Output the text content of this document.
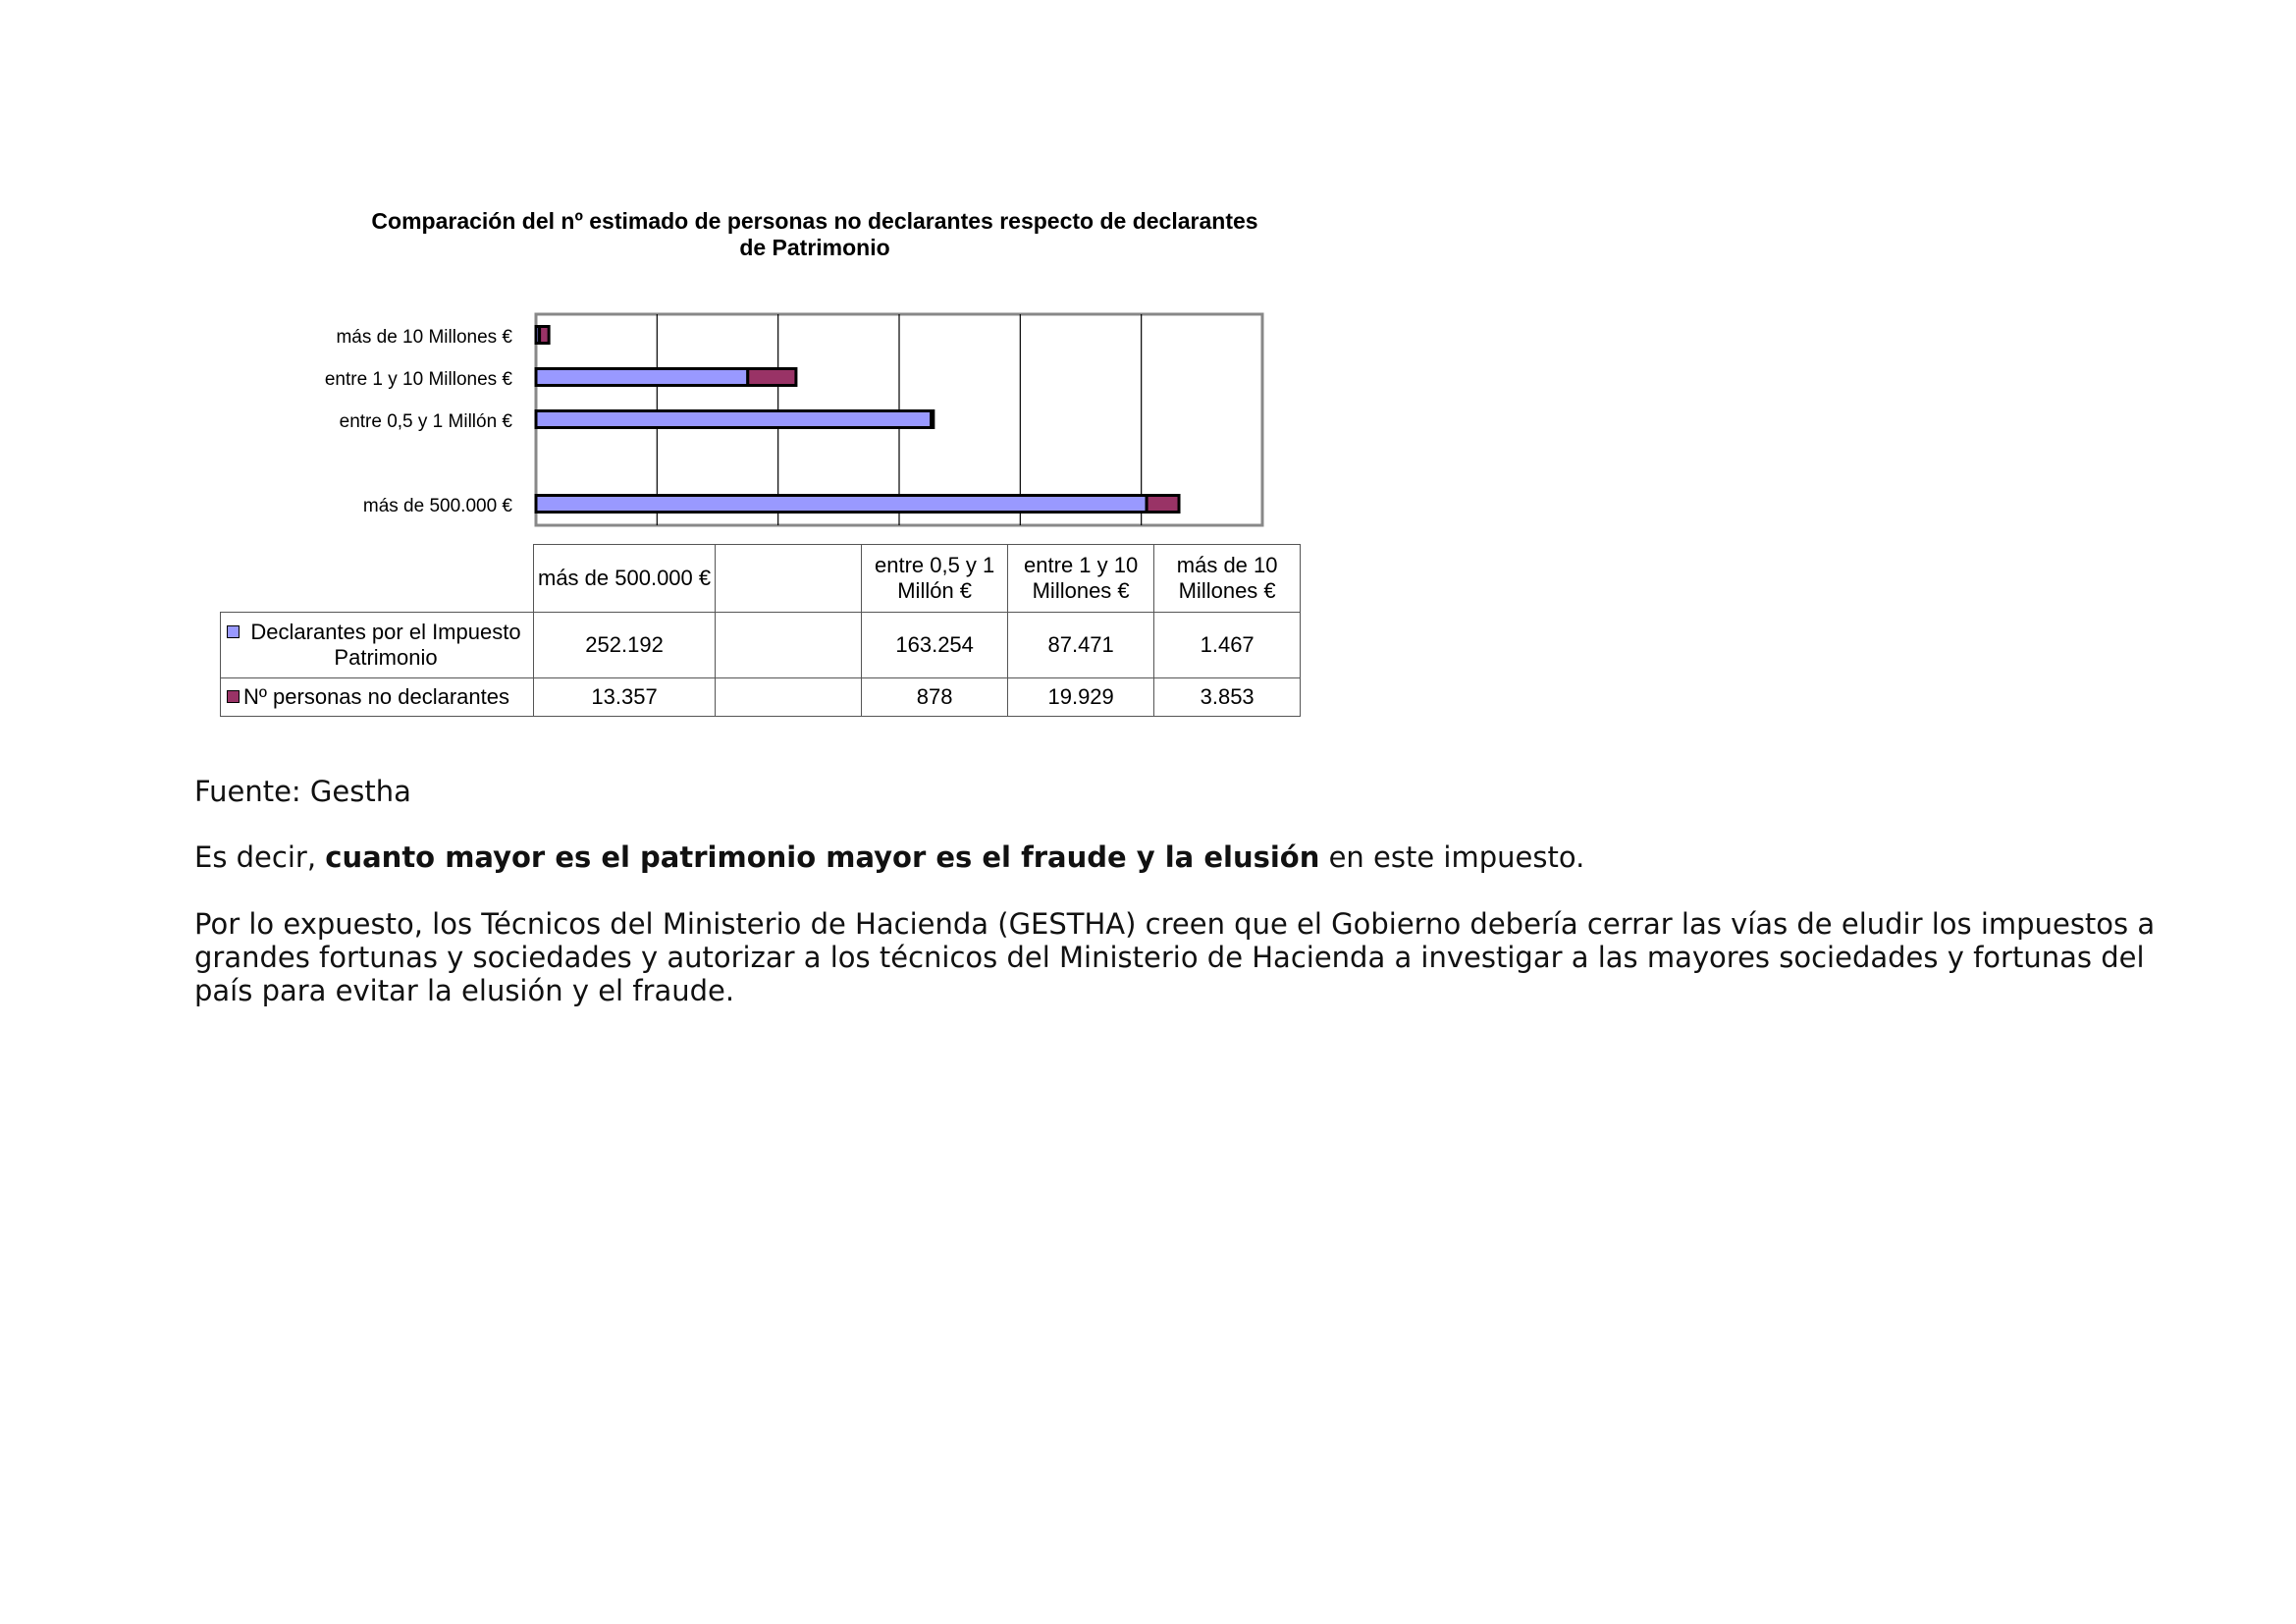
Comparación del nº estimado de personas no declarantes respecto de declarantes
de Patrimonio
más de 500.000 €
entre 0,5 y 1 Millón €
entre 1 y 10 Millones €
más de 10 Millones €
	más de 500.000 €		entre 0,5 y 1 Millón €	entre 1 y 10 Millones €	más de 10 Millones €
Declarantes por el Impuesto Patrimonio	252.192		163.254	87.471	1.467
Nº personas no declarantes	13.357		878	19.929	3.853
Fuente: Gestha
Es decir, cuanto mayor es el patrimonio mayor es el fraude y la elusión en este impuesto.
Por lo expuesto, los Técnicos del Ministerio de Hacienda (GESTHA) creen que el Gobierno debería cerrar las vías de eludir los impuestos a grandes fortunas y sociedades y autorizar a los técnicos del Ministerio de Hacienda a investigar a las mayores sociedades y fortunas del país para evitar la elusión y el fraude.
